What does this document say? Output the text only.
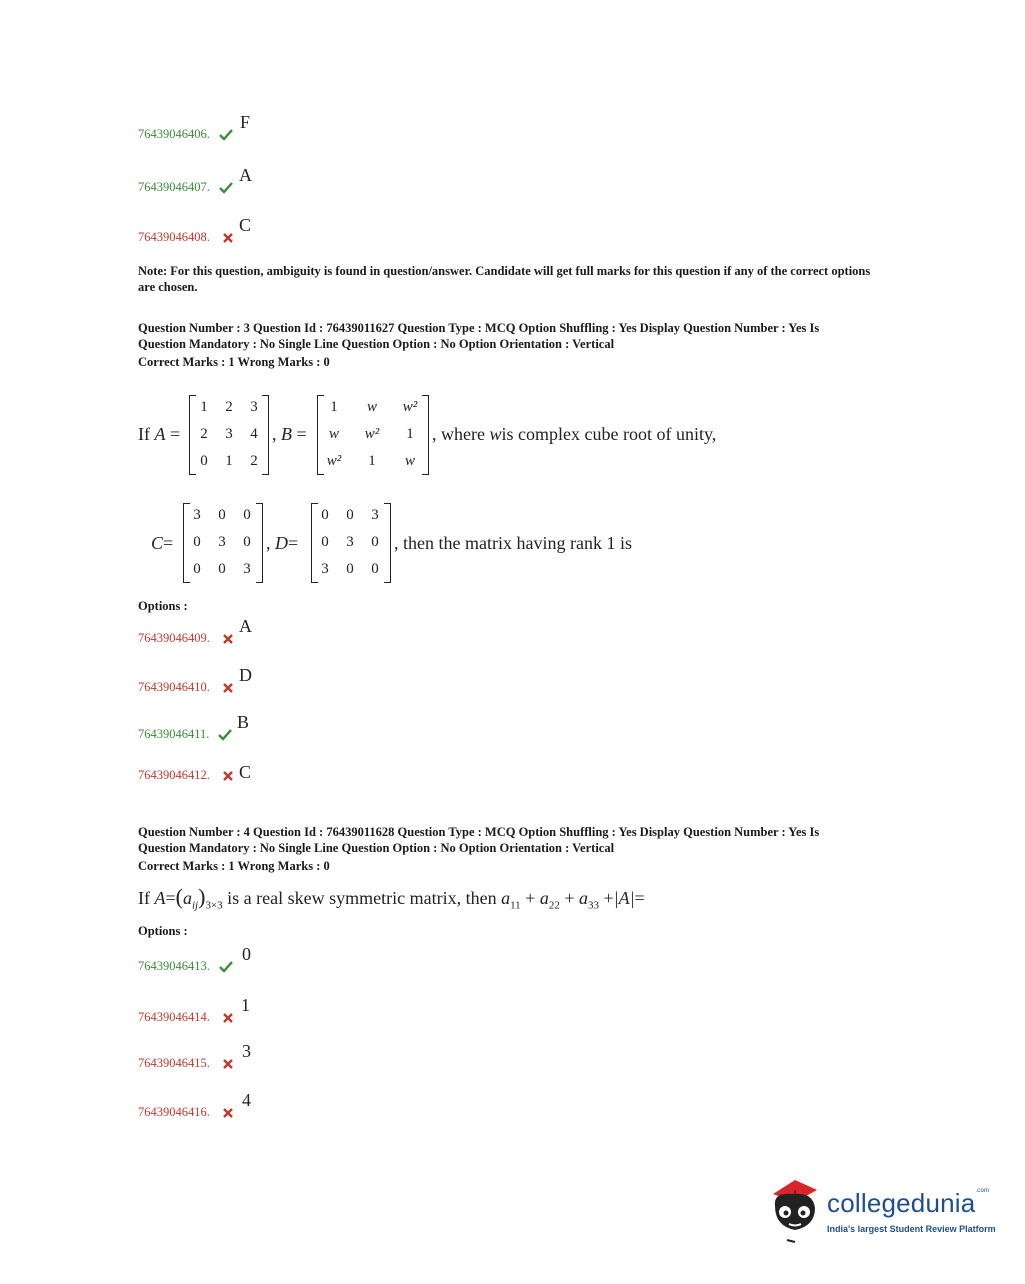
76439046406.
F
76439046407.
A
76439046408.
C
Note: For this question, ambiguity is found in question/answer. Candidate will get full marks for this question if any of the correct options are chosen.
Question Number : 3 Question Id : 76439011627 Question Type : MCQ Option Shuffling : Yes Display Question Number : Yes Is
Question Mandatory : No Single Line Question Option : No Option Orientation : Vertical
Correct Marks : 1 Wrong Marks : 0
If A =
1	2	3
2	3	4
0	1	2
, B =
1	w	w²
w	w²	1
w²	1	w
, where wis complex cube root of unity,
C=
3	0	0
0	3	0
0	0	3
, D=
0	0	3
0	3	0
3	0	0
, then the matrix having rank 1 is
Options :
76439046409.
A
76439046410.
D
76439046411.
B
76439046412. C
Question Number : 4 Question Id : 76439011628 Question Type : MCQ Option Shuffling : Yes Display Question Number : Yes Is
Question Mandatory : No Single Line Question Option : No Option Orientation : Vertical
Correct Marks : 1 Wrong Marks : 0
If $A=(a_{ij})_{3\times 3}$ is a real skew symmetric matrix, then $a_{11} + a_{22} + a_{33} +|A|=$
Options :
76439046413.
0
76439046414.
1
76439046415.
3
76439046416.
4
collegedunia$^{.com}$
India's largest Student Review Platform
